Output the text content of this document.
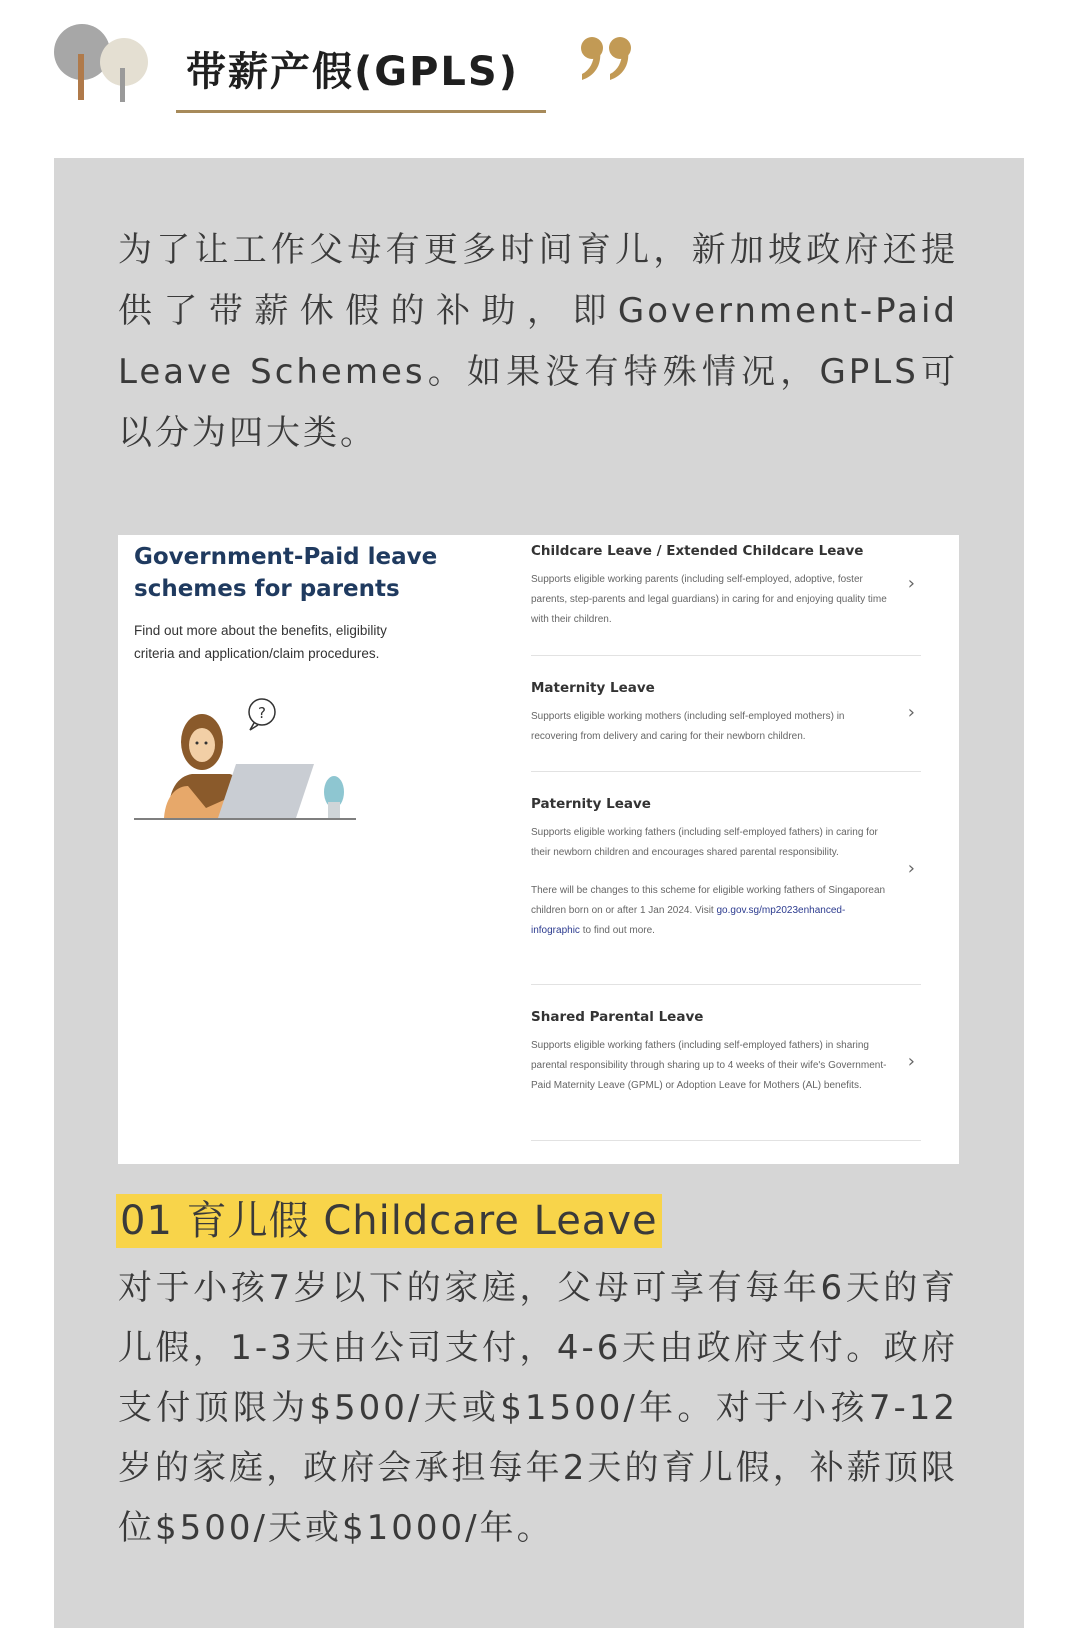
带薪产假(GPLS)

为了让工作父母有更多时间育儿，新加坡政府还提供了带薪休假的补助，即Government-Paid Leave Schemes。如果没有特殊情况，GPLS可以分为四大类。

Government-Paid leave schemes for parents

Find out more about the benefits, eligibility criteria and application/claim procedures.

?

Childcare Leave / Extended Childcare Leave

Supports eligible working parents (including self-employed, adoptive, foster parents, step-parents and legal guardians) in caring for and enjoying quality time with their children.

›

Maternity Leave

Supports eligible working mothers (including self-employed mothers) in recovering from delivery and caring for their newborn children.

›

Paternity Leave

Supports eligible working fathers (including self-employed fathers) in caring for their newborn children and encourages shared parental responsibility.

There will be changes to this scheme for eligible working fathers of Singaporean children born on or after 1 Jan 2024. Visit go.gov.sg/mp2023enhanced-infographic to find out more.

›

Shared Parental Leave

Supports eligible working fathers (including self-employed fathers) in sharing parental responsibility through sharing up to 4 weeks of their wife's Government-Paid Maternity Leave (GPML) or Adoption Leave for Mothers (AL) benefits.

›
01 育儿假 Childcare Leave

对于小孩7岁以下的家庭，父母可享有每年6天的育儿假，1-3天由公司支付，4-6天由政府支付。政府支付顶限为$500/天或$1500/年。对于小孩7-12岁的家庭，政府会承担每年2天的育儿假，补薪顶限位$500/天或$1000/年。
